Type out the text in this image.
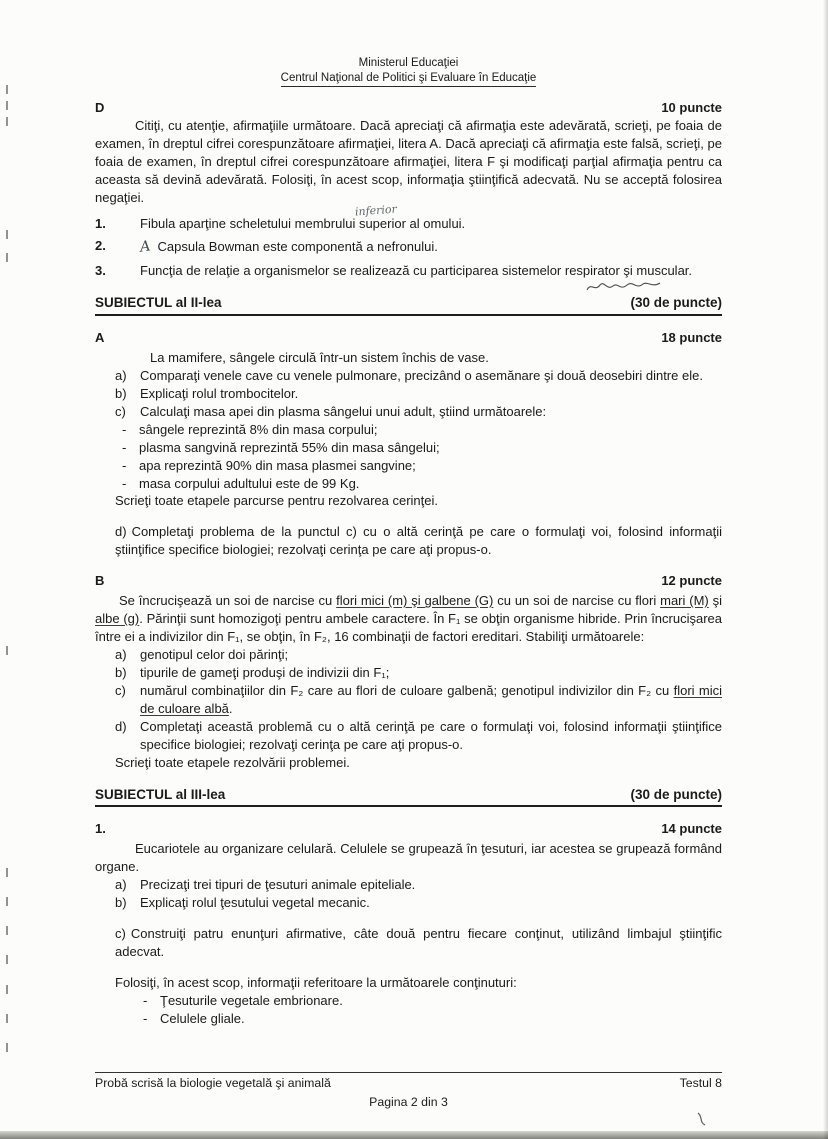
Ministerul Educaţiei
Centrul Naţional de Politici şi Evaluare în Educaţie
D	10 puncte

Citiţi, cu atenţie, afirmaţiile următoare. Dacă apreciaţi că afirmaţia este adevărată, scrieţi, pe foaia de examen, în dreptul cifrei corespunzătoare afirmaţiei, litera A. Dacă apreciaţi că afirmaţia este falsă, scrieţi, pe foaia de examen, în dreptul cifrei corespunzătoare afirmaţiei, litera F şi modificaţi parţial afirmaţia pentru ca aceasta să devină adevărată. Folosiţi, în acest scop, informaţia ştiinţifică adecvată. Nu se acceptă folosirea negaţiei.

1.	Fibula aparţine scheletului membrului
inferior
superior al omului.
2.	A Capsula Bowman este componentă a nefronului.
3.	Funcţia de relaţie a organismelor se realizează cu participarea sistemelor respirator şi muscular.
SUBIECTUL al II-lea	(30 de puncte)
A	18 puncte

La mamifere, sângele circulă într-un sistem închis de vase.

a)	Comparaţi venele cave cu venele pulmonare, precizând o asemănare şi două deosebiri dintre ele.
b)	Explicaţi rolul trombocitelor.
c)	Calculaţi masa apei din plasma sângelui unui adult, ştiind următoarele:
- sângele reprezintă 8% din masa corpului;
- plasma sangvină reprezintă 55% din masa sângelui;
- apa reprezintă 90% din masa plasmei sangvine;
- masa corpului adultului este de 99 Kg.
Scrieţi toate etapele parcurse pentru rezolvarea cerinţei.

d) Completaţi problema de la punctul c) cu o altă cerinţă pe care o formulaţi voi, folosind informaţii ştiinţifice specifice biologiei; rezolvaţi cerinţa pe care aţi propus-o.

B	12 puncte

Se încrucişează un soi de narcise cu flori mici (m) şi galbene (G) cu un soi de narcise cu flori mari (M) şi albe (g). Părinţii sunt homozigoţi pentru ambele caractere. În F₁ se obţin organisme hibride. Prin încrucişarea între ei a indivizilor din F₁, se obţin, în F₂, 16 combinaţii de factori ereditari. Stabiliţi următoarele:

a)	genotipul celor doi părinţi;
b)	tipurile de gameţi produşi de indivizii din F₁;
c)	numărul combinaţiilor din F₂ care au flori de culoare galbenă; genotipul indivizilor din F₂ cu flori mici de culoare albă.
d)	Completaţi această problemă cu o altă cerinţă pe care o formulaţi voi, folosind informaţii ştiinţifice specifice biologiei; rezolvaţi cerinţa pe care aţi propus-o.
Scrieţi toate etapele rezolvării problemei.
SUBIECTUL al III-lea	(30 de puncte)
1.	14 puncte

Eucariotele au organizare celulară. Celulele se grupează în ţesuturi, iar acestea se grupează formând organe.

a)	Precizaţi trei tipuri de ţesuturi animale epiteliale.
b)	Explicaţi rolul ţesutului vegetal mecanic.

c) Construiţi patru enunţuri afirmative, câte două pentru fiecare conţinut, utilizând limbajul ştiinţific adecvat.

Folosiţi, în acest scop, informaţii referitoare la următoarele conţinuturi:
- Ţesuturile vegetale embrionare.
- Celulele gliale.
Probă scrisă la biologie vegetală şi animală	Testul 8
Pagina 2 din 3
